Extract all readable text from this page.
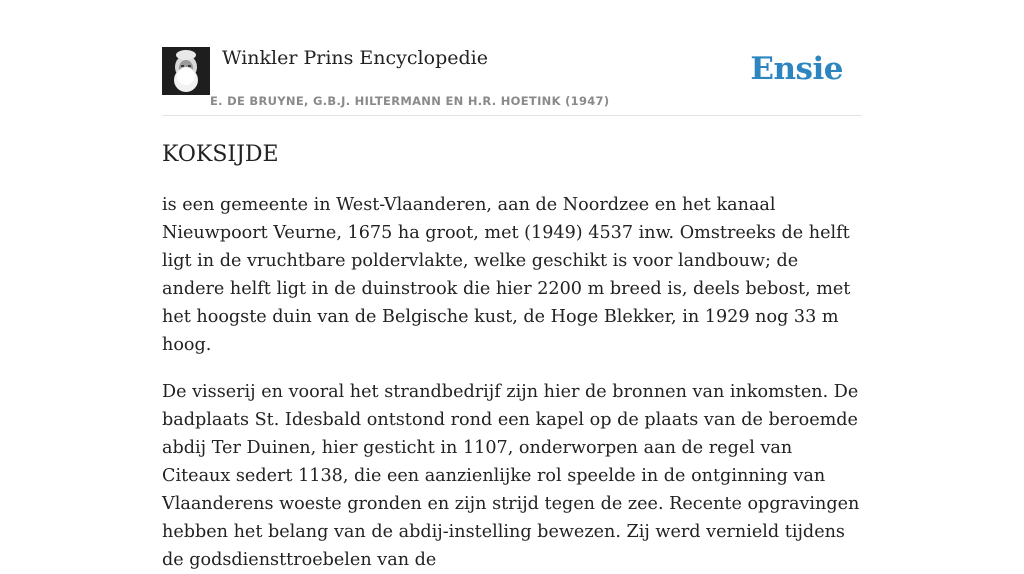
Winkler Prins Encyclopedie
E. DE BRUYNE, G.B.J. HILTERMANN EN H.R. HOETINK (1947)
Ensie
KOKSIJDE

is een gemeente in West-Vlaanderen, aan de Noordzee en het kanaal Nieuwpoort Veurne, 1675 ha groot, met (1949) 4537 inw. Omstreeks de helft ligt in de vruchtbare poldervlakte, welke geschikt is voor landbouw; de andere helft ligt in de duinstrook die hier 2200 m breed is, deels bebost, met het hoogste duin van de Belgische kust, de Hoge Blekker, in 1929 nog 33 m hoog.

De visserij en vooral het strandbedrijf zijn hier de bronnen van inkomsten. De badplaats St. Idesbald ontstond rond een kapel op de plaats van de beroemde abdij Ter Duinen, hier gesticht in 1107, onderworpen aan de regel van Citeaux sedert 1138, die een aanzienlijke rol speelde in de ontginning van Vlaanderens woeste gronden en zijn strijd tegen de zee. Recente opgravingen hebben het belang van de abdij-instelling bewezen. Zij werd vernield tijdens de godsdiensttroebelen van de
